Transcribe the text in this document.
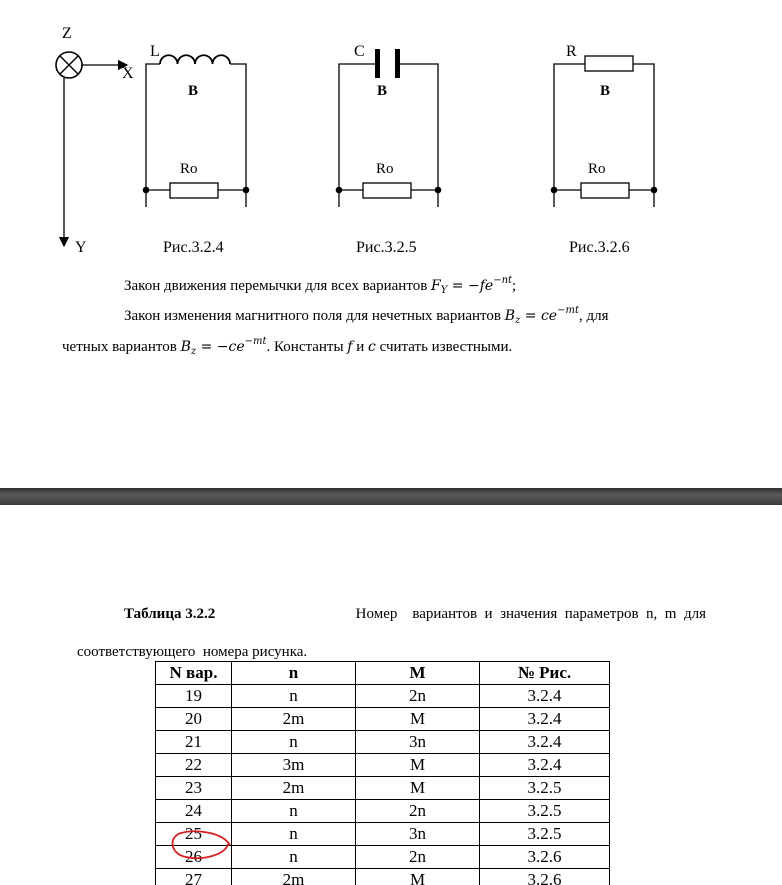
Z
X
Y
L
B
Ro
Рис.3.2.4
C
B
Ro
Рис.3.2.5
R
B
Ro
Рис.3.2.6
Закон движения перемычки для всех вариантов $F_Y = -fe^{-nt}$;
Закон изменения магнитного поля для нечетных вариантов $B_z = ce^{-mt}$, для
четных вариантов $B_z = -ce^{-mt}$. Константы f и c считать известными.
Таблица 3.2.2	Номер    вариантов  и  значения  параметров  n,  m  для

соответствующего  номера рисунка.

N вар.	n	M	№ Рис.
19	n	2n	3.2.4
20	2m	M	3.2.4
21	n	3n	3.2.4
22	3m	M	3.2.4
23	2m	M	3.2.5
24	n	2n	3.2.5
25	n	3n	3.2.5
26	n	2n	3.2.6
27	2m	M	3.2.6
